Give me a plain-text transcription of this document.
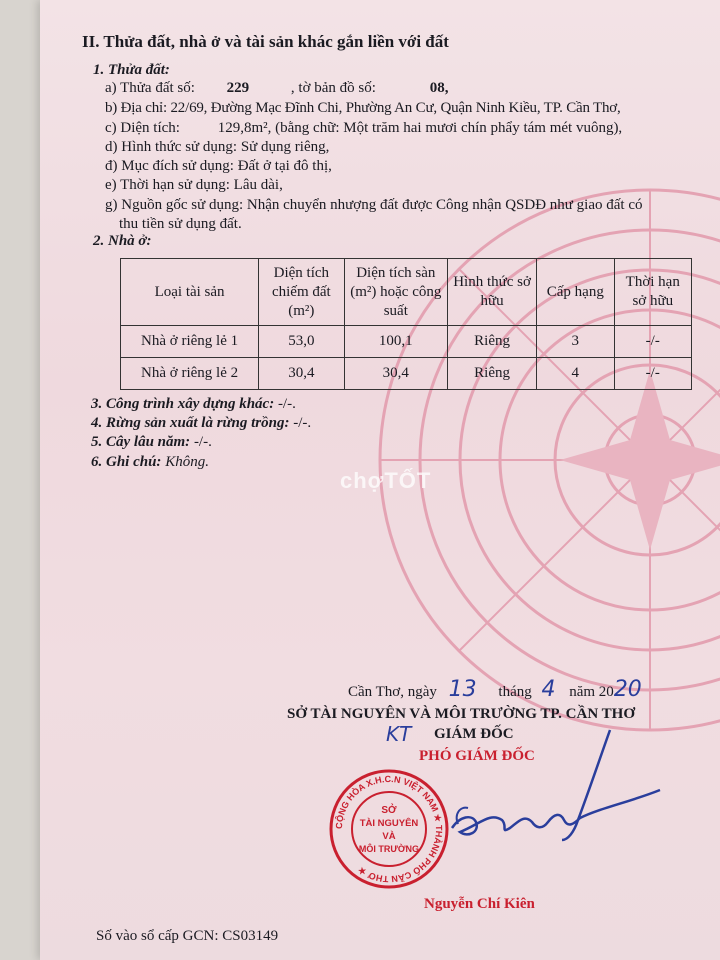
chợTỐT
II. Thửa đất, nhà ở và tài sản khác gắn liền với đất
1. Thửa đất:
a) Thửa đất số: 229	, tờ bản đồ số:	08,
b) Địa chỉ: 22/69, Đường Mạc Đĩnh Chi, Phường An Cư, Quận Ninh Kiều, TP. Cần Thơ,
c) Diện tích:	129,8m², (bằng chữ: Một trăm hai mươi chín phẩy tám mét vuông),
d) Hình thức sử dụng: Sử dụng riêng,
đ) Mục đích sử dụng: Đất ở tại đô thị,
e) Thời hạn sử dụng: Lâu dài,
g) Nguồn gốc sử dụng: Nhận chuyển nhượng đất được Công nhận QSDĐ như giao đất có
thu tiền sử dụng đất.
2. Nhà ở:
Loại tài sản	Diện tích chiếm đất (m²)	Diện tích sàn (m²) hoặc công suất	Hình thức sở hữu	Cấp hạng	Thời hạn sở hữu
Nhà ở riêng lẻ 1	53,0	100,1	Riêng	3	-/-
Nhà ở riêng lẻ 2	30,4	30,4	Riêng	4	-/-
3. Công trình xây dựng khác: -/-.
4. Rừng sản xuất là rừng trồng: -/-.
5. Cây lâu năm: -/-.
6. Ghi chú: Không.
Cần Thơ, ngày 13 tháng 4 năm 2020
SỞ TÀI NGUYÊN VÀ MÔI TRƯỜNG TP. CẦN THƠ
KT GIÁM ĐỐC
PHÓ GIÁM ĐỐC
CỘNG HÒA X.H.C.N VIỆT NAM ★ THÀNH PHỐ CẦN THƠ ★
SỞ
TÀI NGUYÊN
VÀ
MÔI TRƯỜNG
Nguyễn Chí Kiên
Số vào sổ cấp GCN: CS03149
